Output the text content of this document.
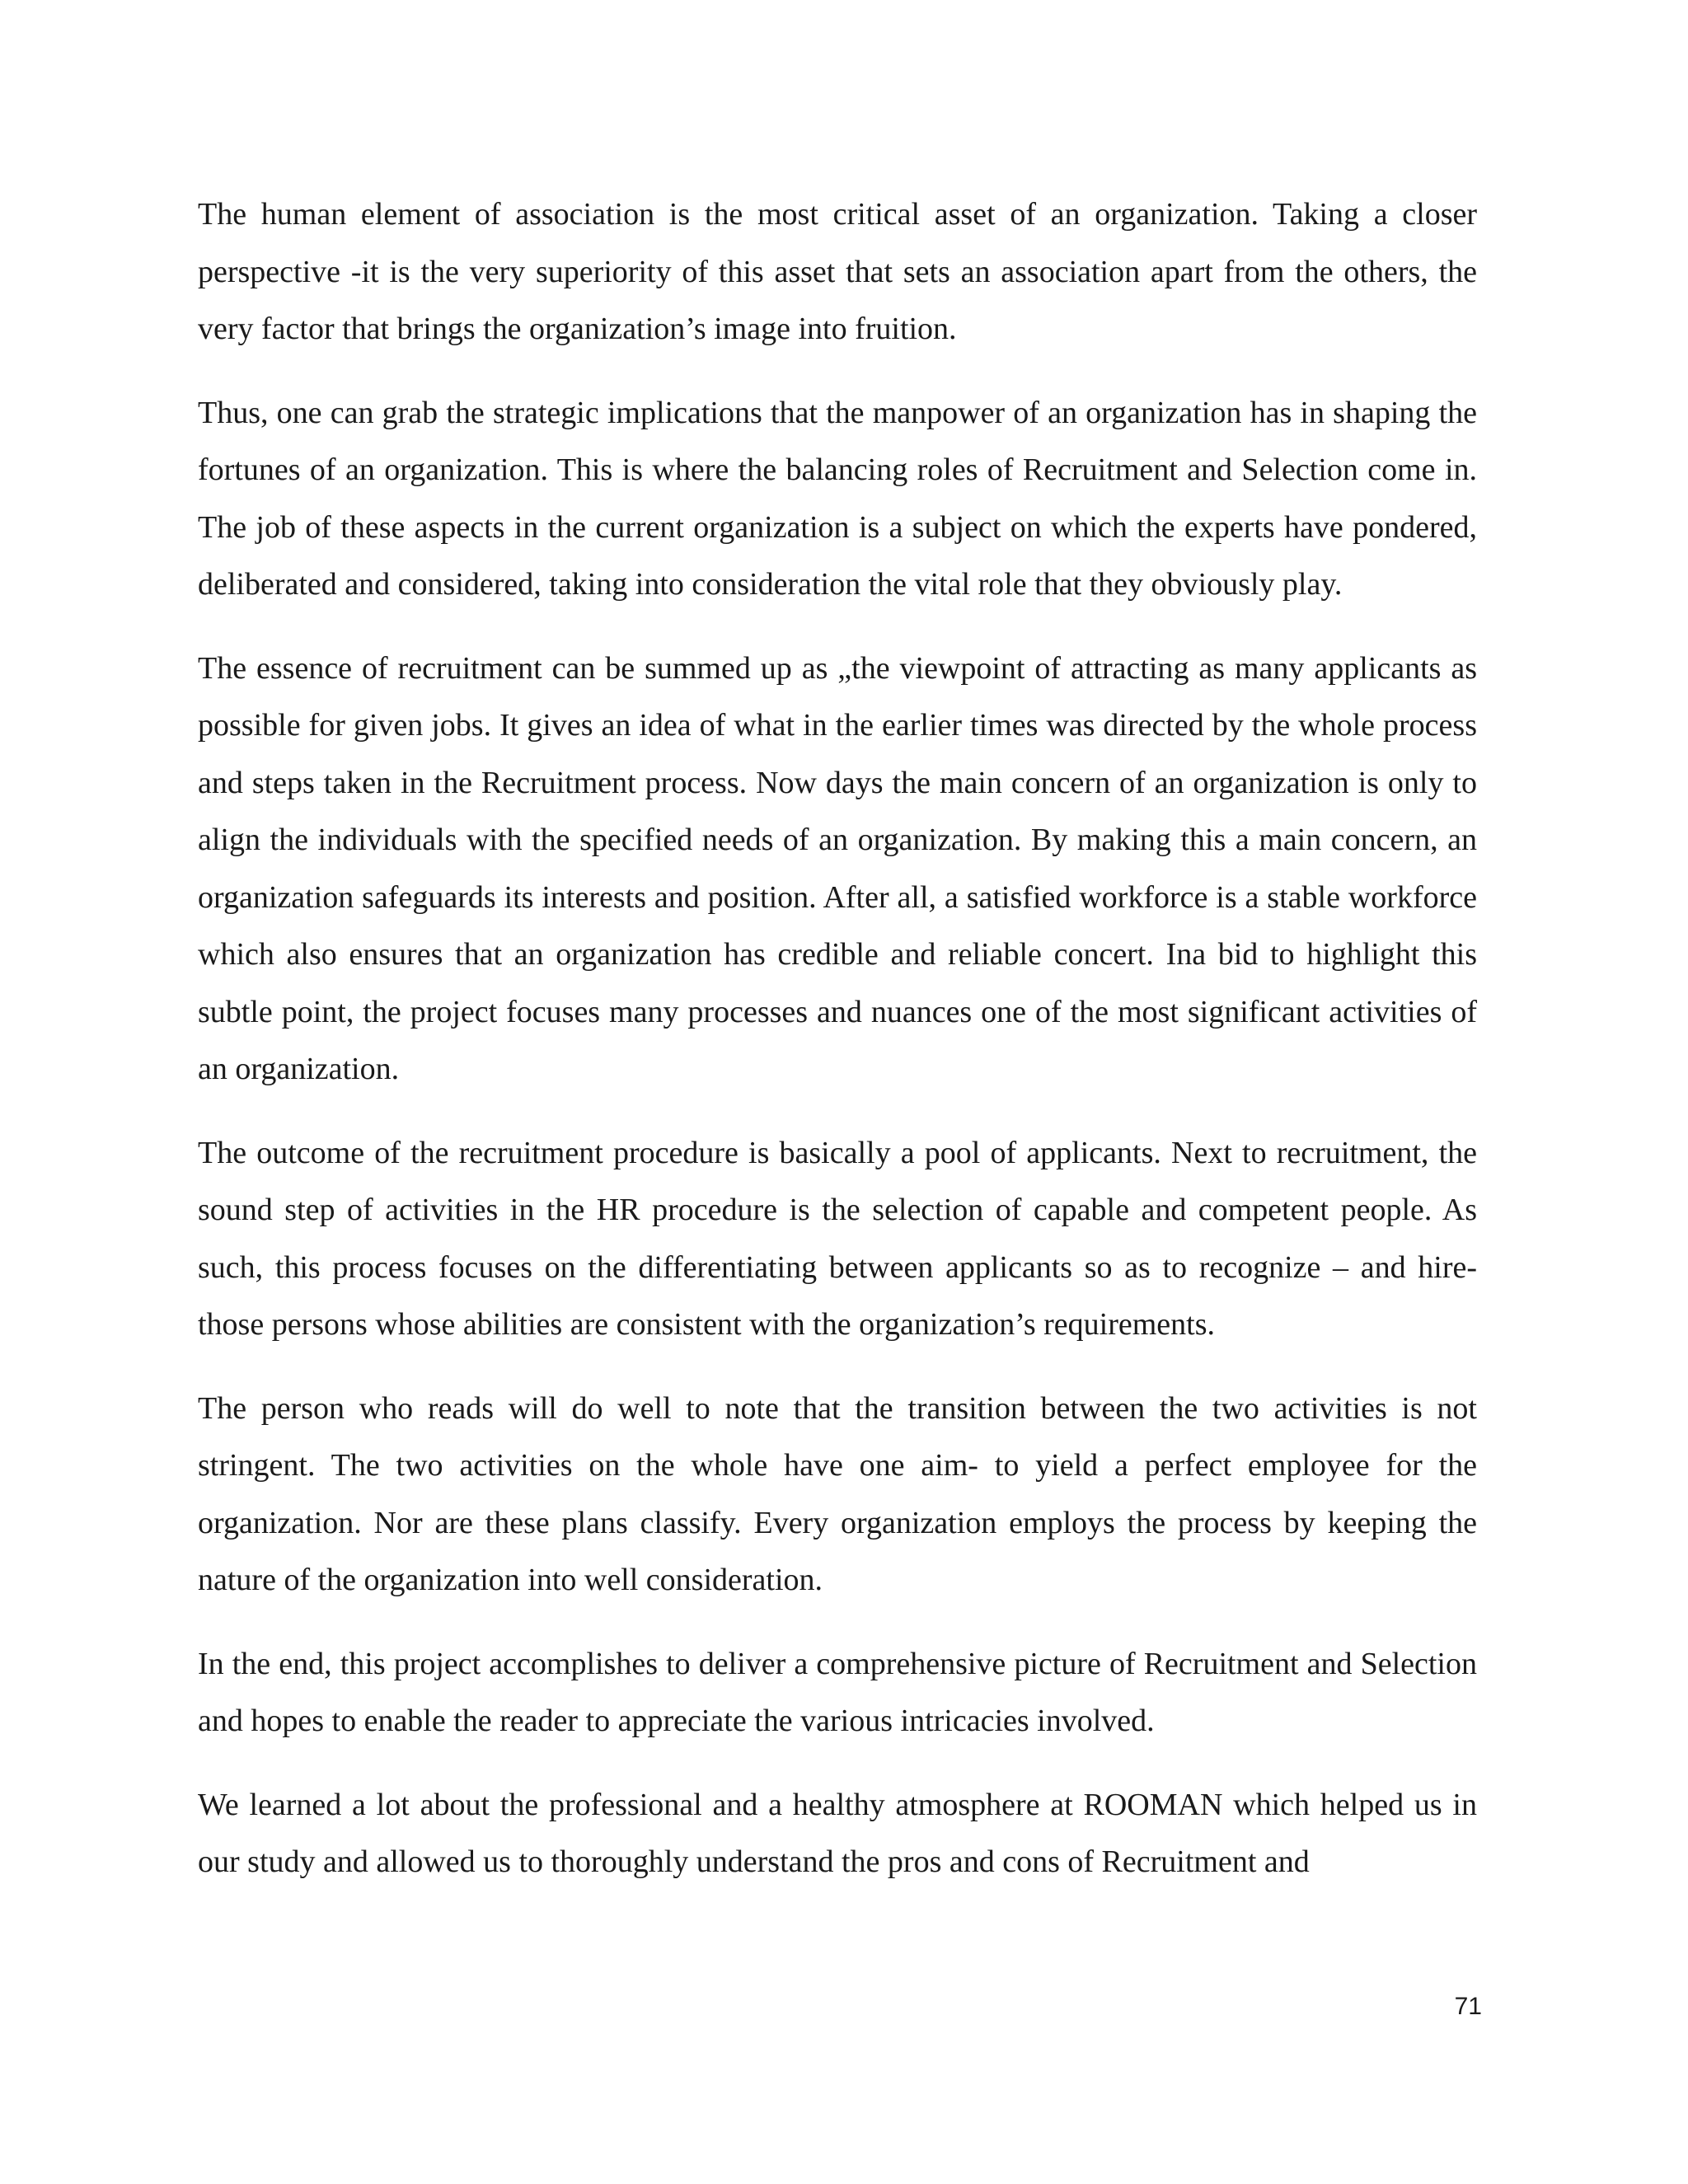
The human element of association is the most critical asset of an organization. Taking a closer perspective -it is the very superiority of this asset that sets an association apart from the others, the very factor that brings the organization’s image into fruition.

Thus, one can grab the strategic implications that the manpower of an organization has in shaping the fortunes of an organization. This is where the balancing roles of Recruitment and Selection come in. The job of these aspects in the current organization is a subject on which the experts have pondered, deliberated and considered, taking into consideration the vital role that they obviously play.

The essence of recruitment can be summed up as „the viewpoint of attracting as many applicants as possible for given jobs. It gives an idea of what in the earlier times was directed by the whole process and steps taken in the Recruitment process. Now days the main concern of an organization is only to align the individuals with the specified needs of an organization. By making this a main concern, an organization safeguards its interests and position. After all, a satisfied workforce is a stable workforce which also ensures that an organization has credible and reliable concert. Ina bid to highlight this subtle point, the project focuses many processes and nuances one of the most significant activities of an organization.

The outcome of the recruitment procedure is basically a pool of applicants. Next to recruitment, the sound step of activities in the HR procedure is the selection of capable and competent people. As such, this process focuses on the differentiating between applicants so as to recognize – and hire- those persons whose abilities are consistent with the organization’s requirements.

The person who reads will do well to note that the transition between the two activities is not stringent. The two activities on the whole have one aim- to yield a perfect employee for the organization. Nor are these plans classify. Every organization employs the process by keeping the nature of the organization into well consideration.

In the end, this project accomplishes to deliver a comprehensive picture of Recruitment and Selection and hopes to enable the reader to appreciate the various intricacies involved.

We learned a lot about the professional and a healthy atmosphere at ROOMAN which helped us in our study and allowed us to thoroughly understand the pros and cons of Recruitment and

71
